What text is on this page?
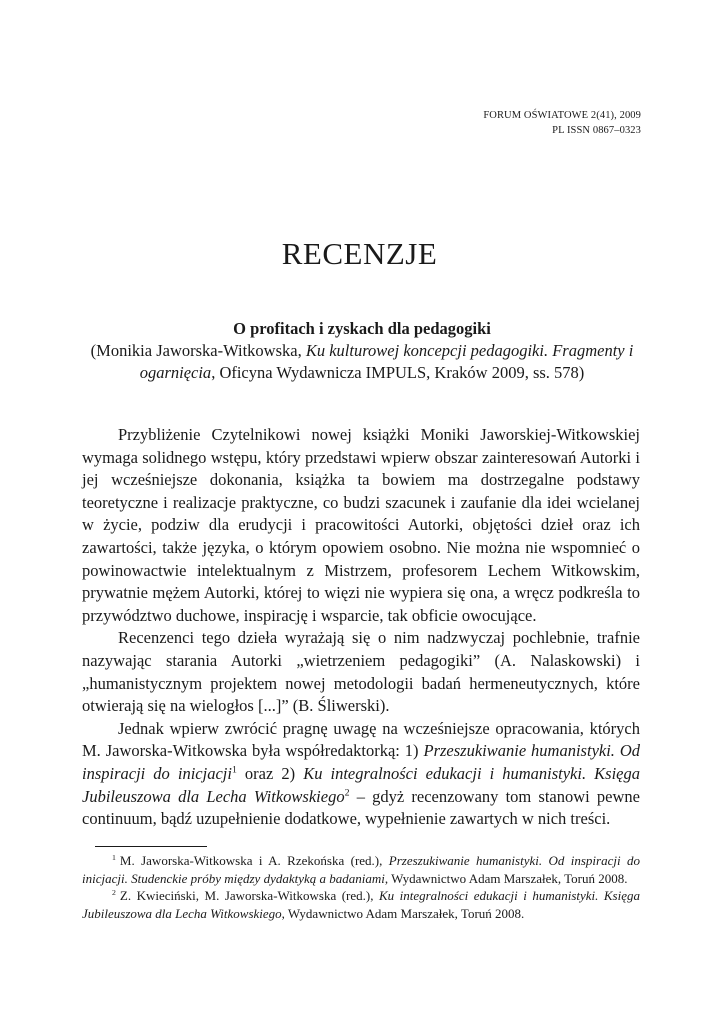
FORUM OŚWIATOWE 2(41), 2009
PL ISSN 0867–0323
RECENZJE
O profitach i zyskach dla pedagogiki
(Monikia Jaworska-Witkowska, Ku kulturowej koncepcji pedagogiki. Fragmenty i ogarnięcia, Oficyna Wydawnicza IMPULS, Kraków 2009, ss. 578)

Przybliżenie Czytelnikowi nowej książki Moniki Jaworskiej-Witkowskiej wymaga solidnego wstępu, który przedstawi wpierw obszar zainteresowań Autorki i jej wcześniejsze dokonania, książka ta bowiem ma dostrzegalne podstawy teoretyczne i realizacje praktyczne, co budzi szacunek i zaufanie dla idei wcielanej w życie, podziw dla erudycji i pracowitości Autorki, objętości dzieł oraz ich zawartości, także języka, o którym opowiem osobno. Nie można nie wspomnieć o powinowactwie intelektualnym z Mistrzem, profesorem Lechem Witkowskim, prywatnie mężem Autorki, której to więzi nie wypiera się ona, a wręcz podkreśla to przywództwo duchowe, inspirację i wsparcie, tak obficie owocujące.

Recenzenci tego dzieła wyrażają się o nim nadzwyczaj pochlebnie, trafnie nazywając starania Autorki „wietrzeniem pedagogiki” (A. Nalaskowski) i „humanistycznym projektem nowej metodologii badań hermeneutycznych, które otwierają się na wielogłos [...]” (B. Śliwerski).

Jednak wpierw zwrócić pragnę uwagę na wcześniejsze opracowania, których M. Jaworska-Witkowska była współredaktorką: 1) Przeszukiwanie humanistyki. Od inspiracji do inicjacji$^1$ oraz 2) Ku integralności edukacji i humanistyki. Księga Jubileuszowa dla Lecha Witkowskiego$^2$ – gdyż recenzowany tom stanowi pewne continuum, bądź uzupełnienie dodatkowe, wypełnienie zawartych w nich treści.

$^1$ M. Jaworska-Witkowska i A. Rzekońska (red.), Przeszukiwanie humanistyki. Od inspiracji do inicjacji. Studenckie próby między dydaktyką a badaniami, Wydawnictwo Adam Marszałek, Toruń 2008.

$^2$ Z. Kwieciński, M. Jaworska-Witkowska (red.), Ku integralności edukacji i humanistyki. Księga Jubileuszowa dla Lecha Witkowskiego, Wydawnictwo Adam Marszałek, Toruń 2008.
